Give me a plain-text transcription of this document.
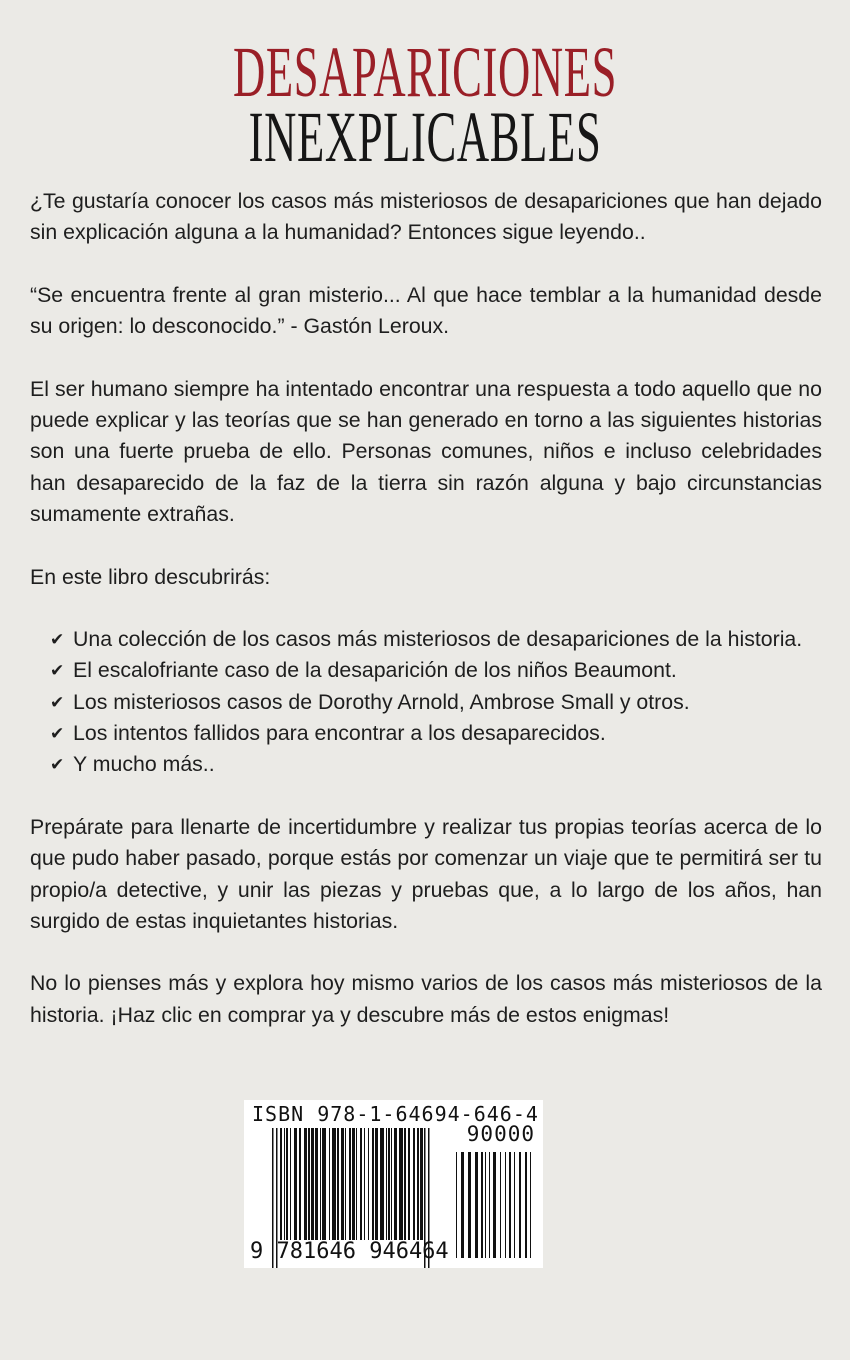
DESAPARICIONES
INEXPLICABLES

¿Te gustaría conocer los casos más misteriosos de desapariciones que han dejado sin explicación alguna a la humanidad? Entonces sigue leyendo..

“Se encuentra frente al gran misterio... Al que hace temblar a la humanidad desde su origen: lo desconocido.” - Gastón Leroux.

El ser humano siempre ha intentado encontrar una respuesta a todo aquello que no puede explicar y las teorías que se han generado en torno a las siguientes historias son una fuerte prueba de ello. Personas comunes, niños e incluso celebridades han desaparecido de la faz de la tierra sin razón alguna y bajo circunstancias sumamente extrañas.

En este libro descubrirás:

✔ Una colección de los casos más misteriosos de desapariciones de la historia.
✔ El escalofriante caso de la desaparición de los niños Beaumont.
✔ Los misteriosos casos de Dorothy Arnold, Ambrose Small y otros.
✔ Los intentos fallidos para encontrar a los desaparecidos.
✔ Y mucho más..

Prepárate para llenarte de incertidumbre y realizar tus propias teorías acerca de lo que pudo haber pasado, porque estás por comenzar un viaje que te permitirá ser tu propio/a detective, y unir las piezas y pruebas que, a lo largo de los años, han surgido de estas inquietantes historias.

No lo pienses más y explora hoy mismo varios de los casos más misteriosos de la historia. ¡Haz clic en comprar ya y descubre más de estos enigmas!

ISBN 978-1-64694-646-4
90000
9 781646 946464
